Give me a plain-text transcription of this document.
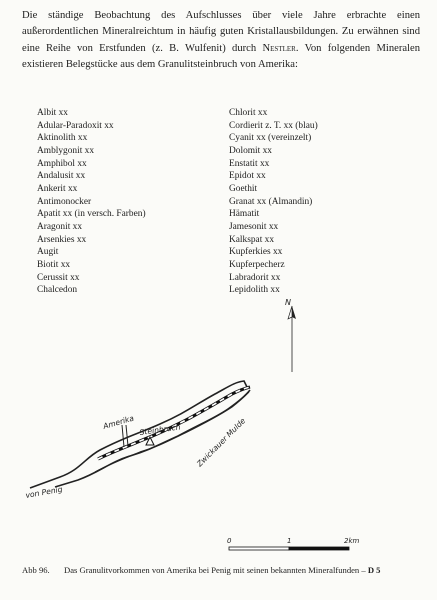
Die ständige Beobachtung des Aufschlusses über viele Jahre erbrachte einen außerordentlichen Mineralreichtum in häufig guten Kristallausbildungen. Zu erwähnen sind eine Reihe von Erstfunden (z. B. Wulfenit) durch Nestler. Von folgenden Mineralen existieren Belegstücke aus dem Granulitsteinbruch von Amerika:

Albit xx
Adular-Paradoxit xx
Aktinolith xx
Amblygonit xx
Amphibol xx
Andalusit xx
Ankerit xx
Antimonocker
Apatit xx (in versch. Farben)
Aragonit xx
Arsenkies xx
Augit
Biotit xx
Cerussit xx
Chalcedon
Chlorit xx
Cordierit z. T. xx (blau)
Cyanit xx (vereinzelt)
Dolomit xx
Enstatit xx
Epidot xx
Goethit
Granat xx (Almandin)
Hämatit
Jamesonit xx
Kalkspat xx
Kupferkies xx
Kupferpecherz
Labradorit xx
Lepidolith xx
N
Amerika Steinbruch Zwickauer Mulde
von Penig
0	1	2km
Abb 96. Das Granulitvorkommen von Amerika bei Penig mit seinen bekannten Mineralfunden – D 5
